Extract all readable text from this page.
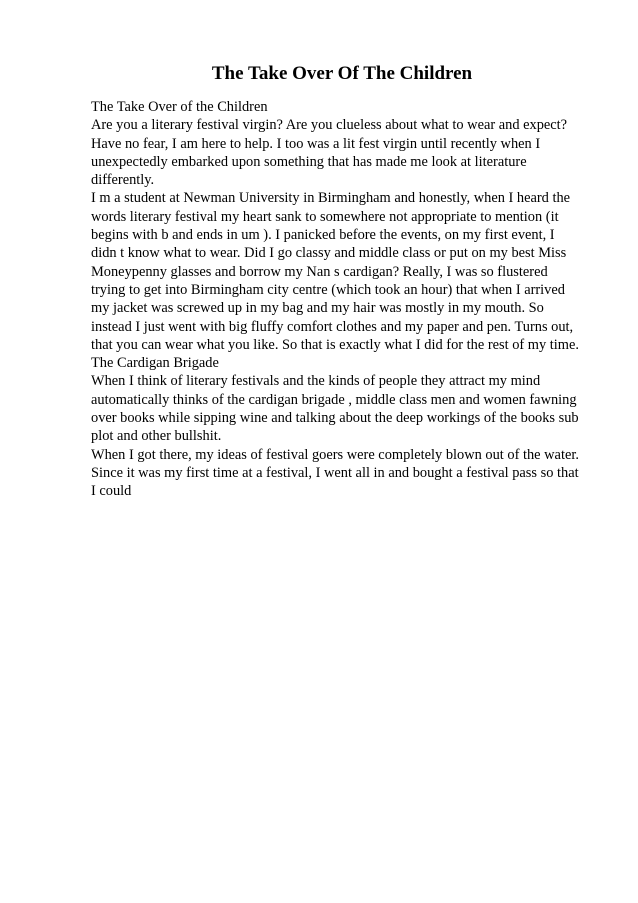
The Take Over Of The Children
The Take Over of the Children
Are you a literary festival virgin? Are you clueless about what to wear and expect?
Have no fear, I am here to help. I too was a lit fest virgin until recently when I
unexpectedly embarked upon something that has made me look at literature
differently.
I m a student at Newman University in Birmingham and honestly, when I heard the
words literary festival my heart sank to somewhere not appropriate to mention (it
begins with b and ends in um ). I panicked before the events, on my first event, I
didn t know what to wear. Did I go classy and middle class or put on my best Miss
Moneypenny glasses and borrow my Nan s cardigan? Really, I was so flustered
trying to get into Birmingham city centre (which took an hour) that when I arrived
my jacket was screwed up in my bag and my hair was mostly in my mouth. So
instead I just went with big fluffy comfort clothes and my paper and pen. Turns out,
that you can wear what you like. So that is exactly what I did for the rest of my time.
The Cardigan Brigade
When I think of literary festivals and the kinds of people they attract my mind
automatically thinks of the cardigan brigade , middle class men and women fawning
over books while sipping wine and talking about the deep workings of the books sub
plot and other bullshit.
When I got there, my ideas of festival goers were completely blown out of the water.
Since it was my first time at a festival, I went all in and bought a festival pass so that
I could
